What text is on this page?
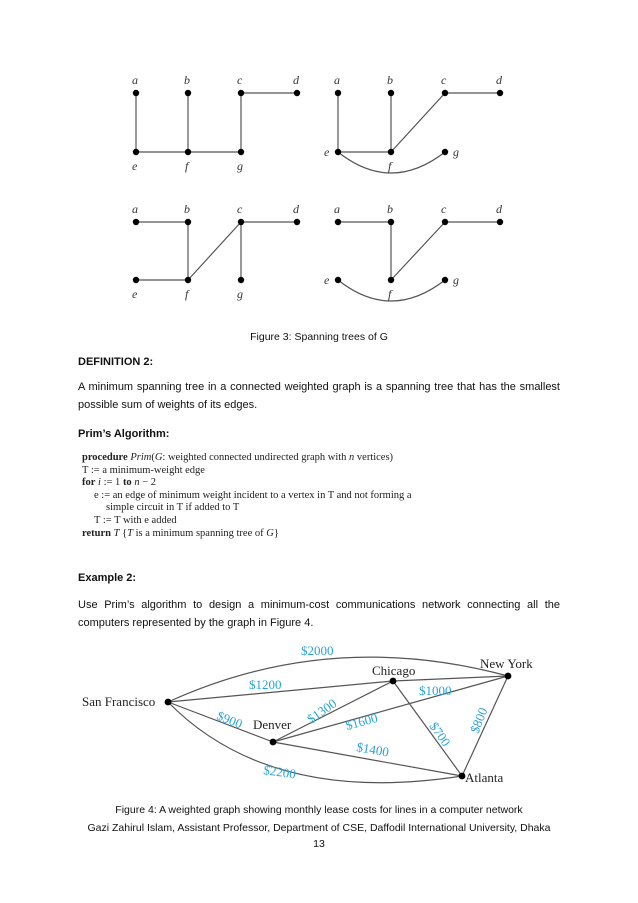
a	b	c	d
e	f	g
a	b	c	d
e
f
g
a	b	c	d
e	f	g
a	b	c	d
e
f
g
Figure 3: Spanning trees of G
DEFINITION 2:
A minimum spanning tree in a connected weighted graph is a spanning tree that has the smallest possible sum of weights of its edges.
Prim’s Algorithm:
procedure Prim(G: weighted connected undirected graph with n vertices)
T := a minimum-weight edge
for i := 1 to n − 2
e := an edge of minimum weight incident to a vertex in T and not forming a
simple circuit in T if added to T
T := T with e added
return T {T is a minimum spanning tree of G}
Example 2:
Use Prim’s algorithm to design a minimum-cost communications network connecting all the computers represented by the graph in Figure 4.
San Francisco
Chicago	New York
Denver
Atlanta
$2000
$1200	$1000
$900	$1300 $1600	$700 $800
$1400
$2200
Figure 4: A weighted graph showing monthly lease costs for lines in a computer network
Gazi Zahirul Islam, Assistant Professor, Department of CSE, Daffodil International University, Dhaka
13
